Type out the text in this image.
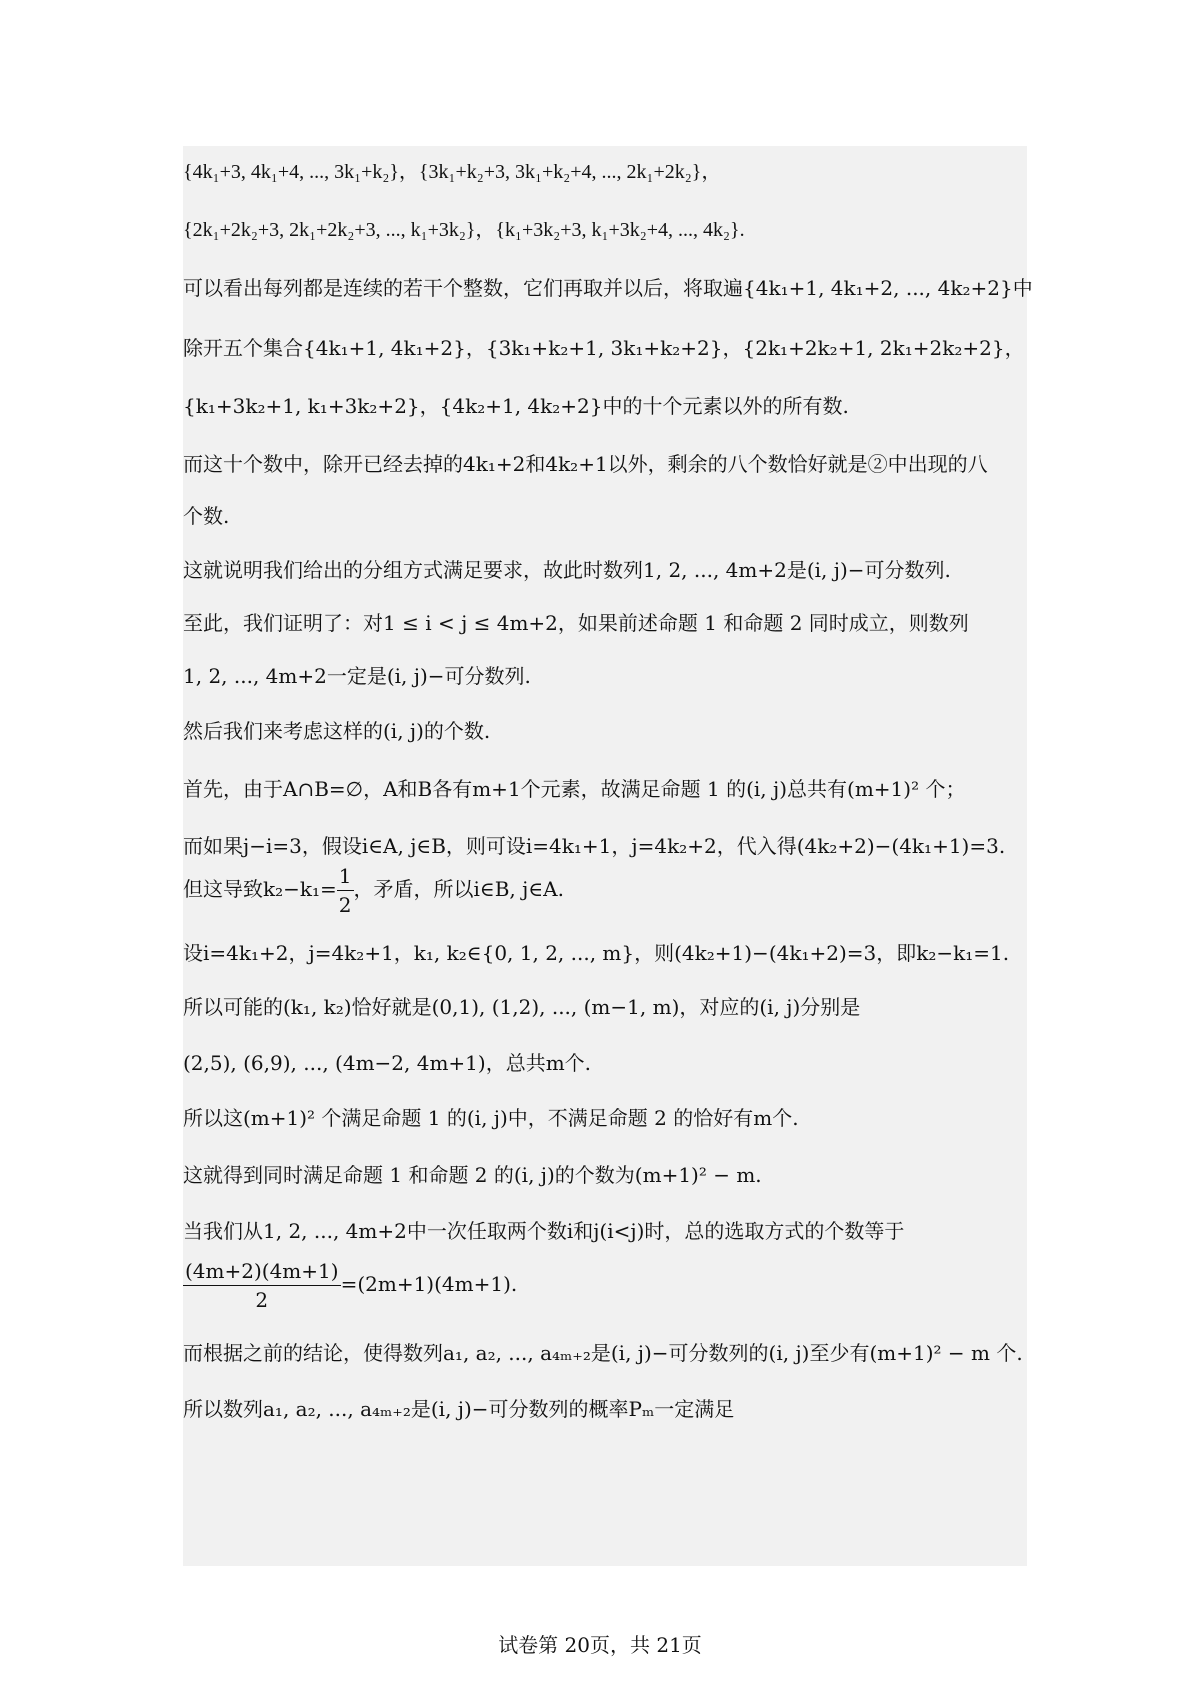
{4k₁+3, 4k₁+4, ..., 3k₁+k₂}，{3k₁+k₂+3, 3k₁+k₂+4, ..., 2k₁+2k₂}，
{2k₁+2k₂+3, 2k₁+2k₂+3, ..., k₁+3k₂}，{k₁+3k₂+3, k₁+3k₂+4, ..., 4k₂}.
可以看出每列都是连续的若干个整数，它们再取并以后，将取遍{4k₁+1, 4k₁+2, ..., 4k₂+2}中
除开五个集合{4k₁+1, 4k₁+2}，{3k₁+k₂+1, 3k₁+k₂+2}，{2k₁+2k₂+1, 2k₁+2k₂+2}，
{k₁+3k₂+1, k₁+3k₂+2}，{4k₂+1, 4k₂+2}中的十个元素以外的所有数.
而这十个数中，除开已经去掉的4k₁+2和4k₂+1以外，剩余的八个数恰好就是②中出现的八
个数.
这就说明我们给出的分组方式满足要求，故此时数列1, 2, ..., 4m+2是(i, j)−可分数列.
至此，我们证明了：对1 ≤ i < j ≤ 4m+2，如果前述命题 1 和命题 2 同时成立，则数列
1, 2, ..., 4m+2一定是(i, j)−可分数列.
然后我们来考虑这样的(i, j)的个数.
首先，由于A∩B=∅，A和B各有m+1个元素，故满足命题 1 的(i, j)总共有(m+1)² 个；
而如果j−i=3，假设i∈A, j∈B，则可设i=4k₁+1，j=4k₂+2，代入得(4k₂+2)−(4k₁+1)=3.
但这导致$k_2-k_1= \frac{1}{2}$ ，矛盾，所以i∈B, j∈A.
设i=4k₁+2，j=4k₂+1，k₁, k₂∈{0, 1, 2, ..., m}，则(4k₂+1)−(4k₁+2)=3，即k₂−k₁=1.
所以可能的(k₁, k₂)恰好就是(0,1), (1,2), ..., (m−1, m)，对应的(i, j)分别是
(2,5), (6,9), ..., (4m−2, 4m+1)，总共m个.
所以这(m+1)² 个满足命题 1 的(i, j)中，不满足命题 2 的恰好有m个.
这就得到同时满足命题 1 和命题 2 的(i, j)的个数为(m+1)² − m.
当我们从1, 2, ..., 4m+2中一次任取两个数i和j(i<j)时，总的选取方式的个数等于
$\frac{(4m+2)(4m+1)}{2} =(2m+1)(4m+1)$.
而根据之前的结论，使得数列a₁, a₂, ..., a₄ₘ₊₂是(i, j)−可分数列的(i, j)至少有(m+1)² − m 个.
所以数列a₁, a₂, ..., a₄ₘ₊₂是(i, j)−可分数列的概率Pₘ一定满足
试卷第 20页，共 21页
